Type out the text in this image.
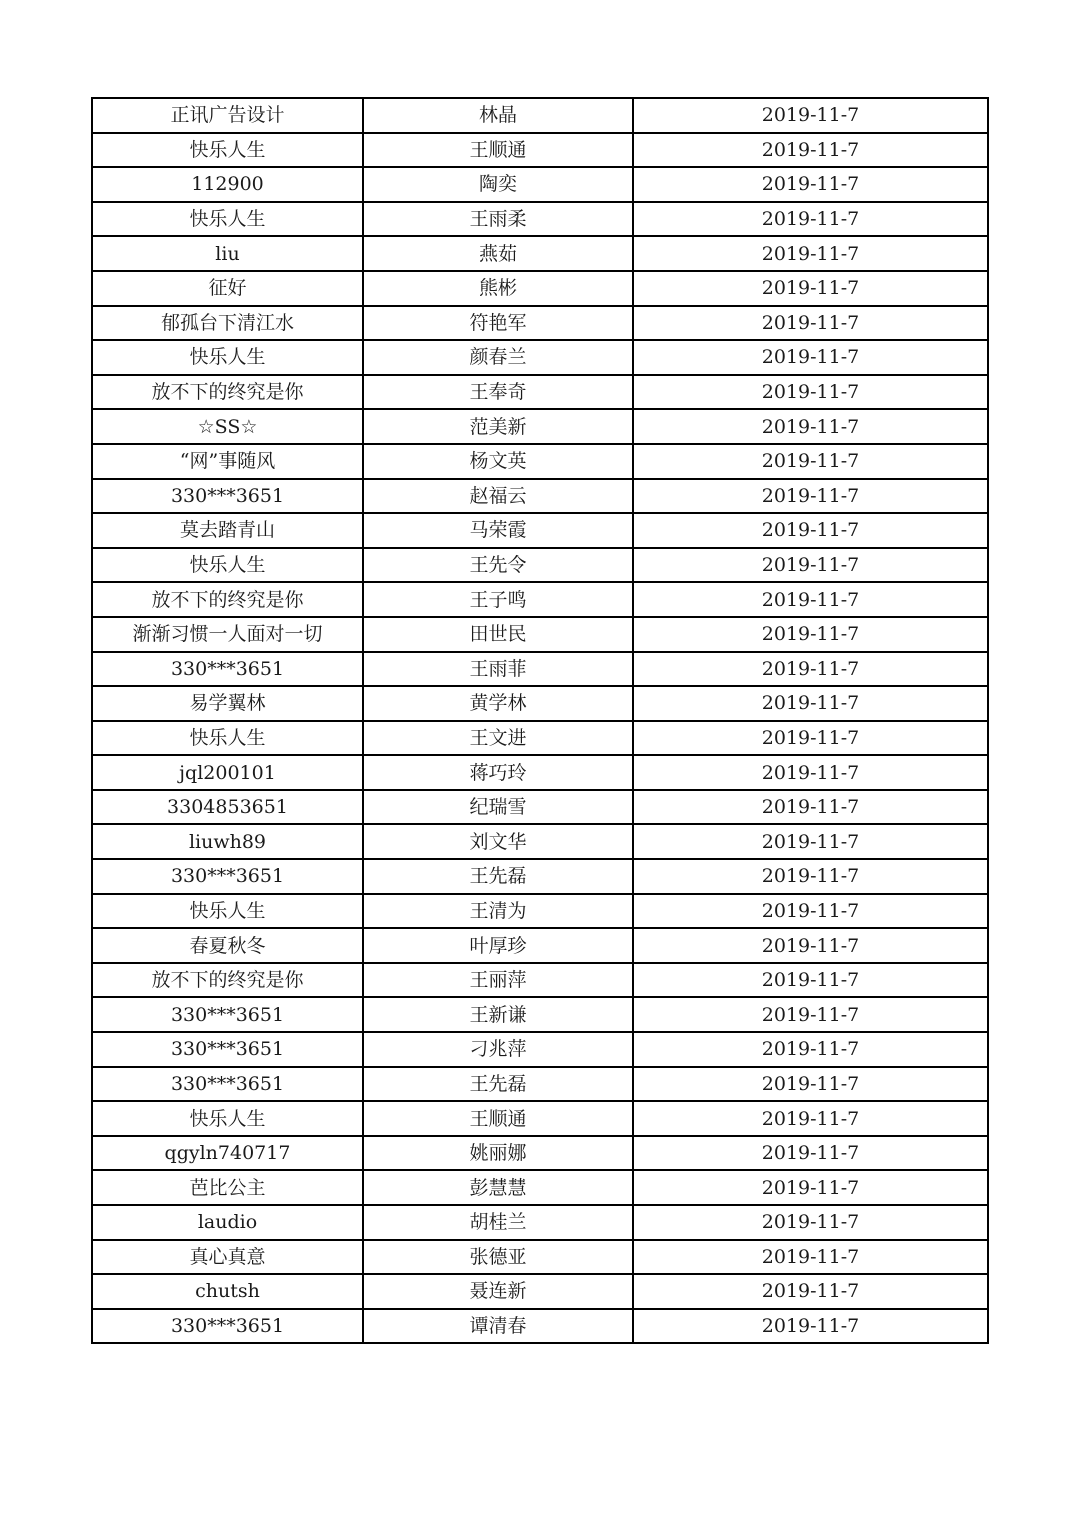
正讯广告设计	林晶	2019-11-7
快乐人生	王顺通	2019-11-7
112900	陶奕	2019-11-7
快乐人生	王雨柔	2019-11-7
liu	燕茹	2019-11-7
征好	熊彬	2019-11-7
郁孤台下清江水	符艳军	2019-11-7
快乐人生	颜春兰	2019-11-7
放不下的终究是你	王奉奇	2019-11-7
☆SS☆	范美新	2019-11-7
“网”事随风	杨文英	2019-11-7
330***3651	赵福云	2019-11-7
莫去踏青山	马荣霞	2019-11-7
快乐人生	王先令	2019-11-7
放不下的终究是你	王子鸣	2019-11-7
渐渐习惯一人面对一切	田世民	2019-11-7
330***3651	王雨菲	2019-11-7
易学翼林	黄学林	2019-11-7
快乐人生	王文进	2019-11-7
jql200101	蒋巧玲	2019-11-7
3304853651	纪瑞雪	2019-11-7
liuwh89	刘文华	2019-11-7
330***3651	王先磊	2019-11-7
快乐人生	王清为	2019-11-7
春夏秋冬	叶厚珍	2019-11-7
放不下的终究是你	王丽萍	2019-11-7
330***3651	王新谦	2019-11-7
330***3651	刁兆萍	2019-11-7
330***3651	王先磊	2019-11-7
快乐人生	王顺通	2019-11-7
qgyln740717	姚丽娜	2019-11-7
芭比公主	彭慧慧	2019-11-7
laudio	胡桂兰	2019-11-7
真心真意	张德亚	2019-11-7
chutsh	聂连新	2019-11-7
330***3651	谭清春	2019-11-7
